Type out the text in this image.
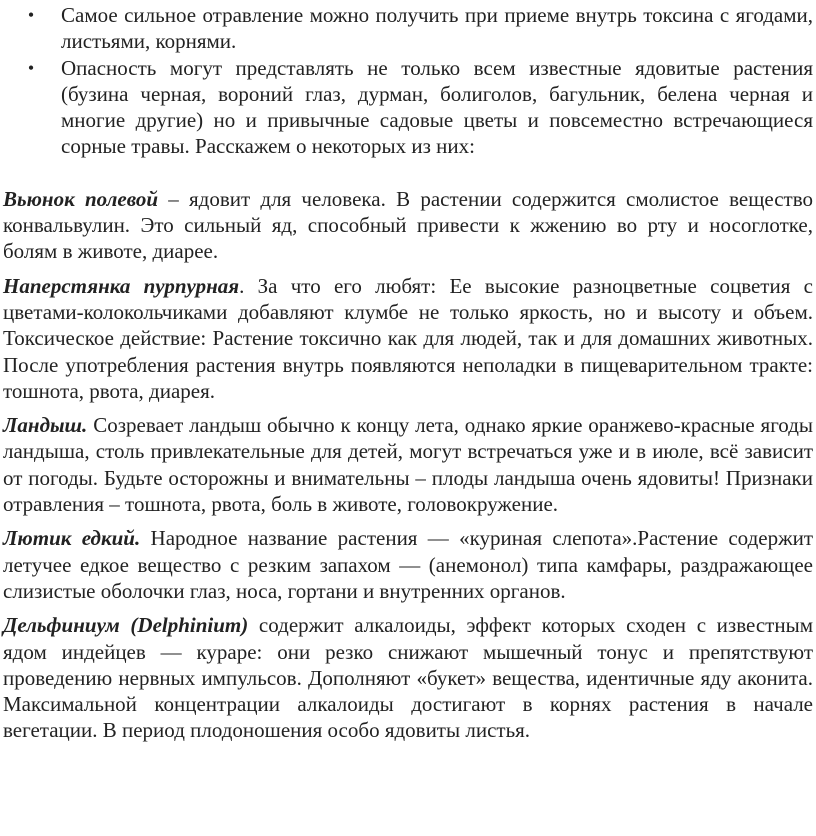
• Самое сильное отравление можно получить при приеме внутрь токсина с ягодами, листьями, корнями.
• Опасность могут представлять не только всем известные ядовитые растения (бузина черная, вороний глаз, дурман, болиголов, багульник, белена черная и многие другие) но и привычные садовые цветы и повсеместно встречающиеся сорные травы. Расскажем о некоторых из них:

Вьюнок полевой – ядовит для человека. В растении содержится смолистое вещество конвальвулин. Это сильный яд, способный привести к жжению во рту и носоглотке, болям в животе, диарее.

Наперстянка пурпурная. За что его любят: Ее высокие разноцветные соцветия с цветами-колокольчиками добавляют клумбе не только яркость, но и высоту и объем. Токсическое действие: Растение токсично как для людей, так и для домашних животных. После употребления растения внутрь появляются неполадки в пищеварительном тракте: тошнота, рвота, диарея.

Ландыш. Созревает ландыш обычно к концу лета, однако яркие оранжево-красные ягоды ландыша, столь привлекательные для детей, могут встречаться уже и в июле, всё зависит от погоды. Будьте осторожны и внимательны – плоды ландыша очень ядовиты! Признаки отравления – тошнота, рвота, боль в животе, головокружение.

Лютик едкий. Народное название растения — «куриная слепота».Растение содержит летучее едкое вещество с резким запахом — (анемонол) типа камфары, раздражающее слизистые оболочки глаз, носа, гортани и внутренних органов.

Дельфиниум (Delphinium) содержит алкалоиды, эффект которых сходен с известным ядом индейцев — кураре: они резко снижают мышечный тонус и препятствуют проведению нервных импульсов. Дополняют «букет» вещества, идентичные яду аконита. Максимальной концентрации алкалоиды достигают в корнях растения в начале вегетации. В период плодоношения особо ядовиты листья.
